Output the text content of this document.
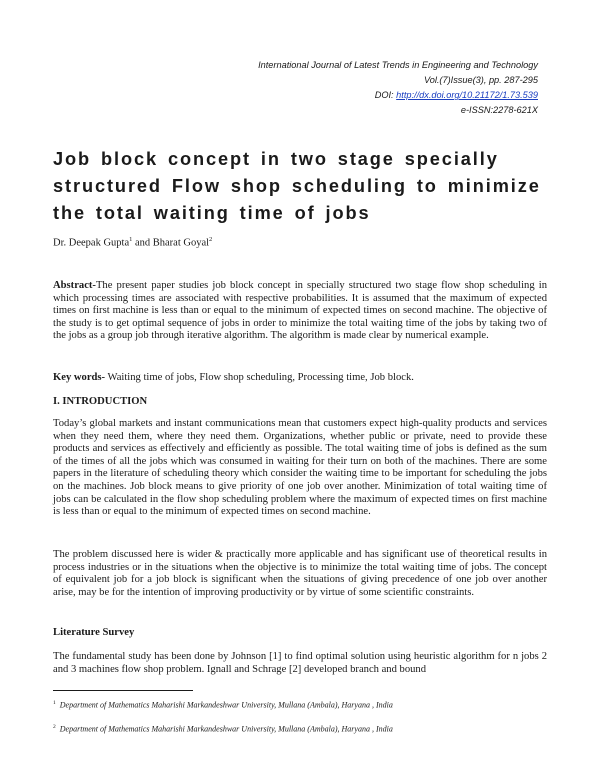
International Journal of Latest Trends in Engineering and Technology
Vol.(7)Issue(3), pp. 287-295
DOI: http://dx.doi.org/10.21172/1.73.539
e-ISSN:2278-621X
Job block concept in two stage specially
structured Flow shop scheduling to minimize
the total waiting time of jobs
Dr. Deepak Gupta$^1$ and Bharat Goyal$^2$
Abstract-The present paper studies job block concept in specially structured two stage flow shop scheduling in which processing times are associated with respective probabilities. It is assumed that the maximum of expected times on first machine is less than or equal to the minimum of expected times on second machine. The objective of the study is to get optimal sequence of jobs in order to minimize the total waiting time of the jobs by taking two of the jobs as a group job through iterative algorithm. The algorithm is made clear by numerical example.
Key words- Waiting time of jobs, Flow shop scheduling, Processing time, Job block.
I. INTRODUCTION
Today’s global markets and instant communications mean that customers expect high-quality products and services when they need them, where they need them. Organizations, whether public or private, need to provide these products and services as effectively and efficiently as possible. The total waiting time of jobs is defined as the sum of the times of all the jobs which was consumed in waiting for their turn on both of the machines. There are some papers in the literature of scheduling theory which consider the waiting time to be important for scheduling the jobs on the machines. Job block means to give priority of one job over another. Minimization of total waiting time of jobs can be calculated in the flow shop scheduling problem where the maximum of expected times on first machine is less than or equal to the minimum of expected times on second machine.
The problem discussed here is wider & practically more applicable and has significant use of theoretical results in process industries or in the situations when the objective is to minimize the total waiting time of jobs. The concept of equivalent job for a job block is significant when the situations of giving precedence of one job over another arise, may be for the intention of improving productivity or by virtue of some scientific constraints.
Literature Survey
The fundamental study has been done by Johnson [1] to find optimal solution using heuristic algorithm for n jobs 2 and 3 machines flow shop problem. Ignall and Schrage [2] developed branch and bound
$^1$ Department of Mathematics Maharishi Markandeshwar University, Mullana (Ambala), Haryana , India
$^2$ Department of Mathematics Maharishi Markandeshwar University, Mullana (Ambala), Haryana , India
